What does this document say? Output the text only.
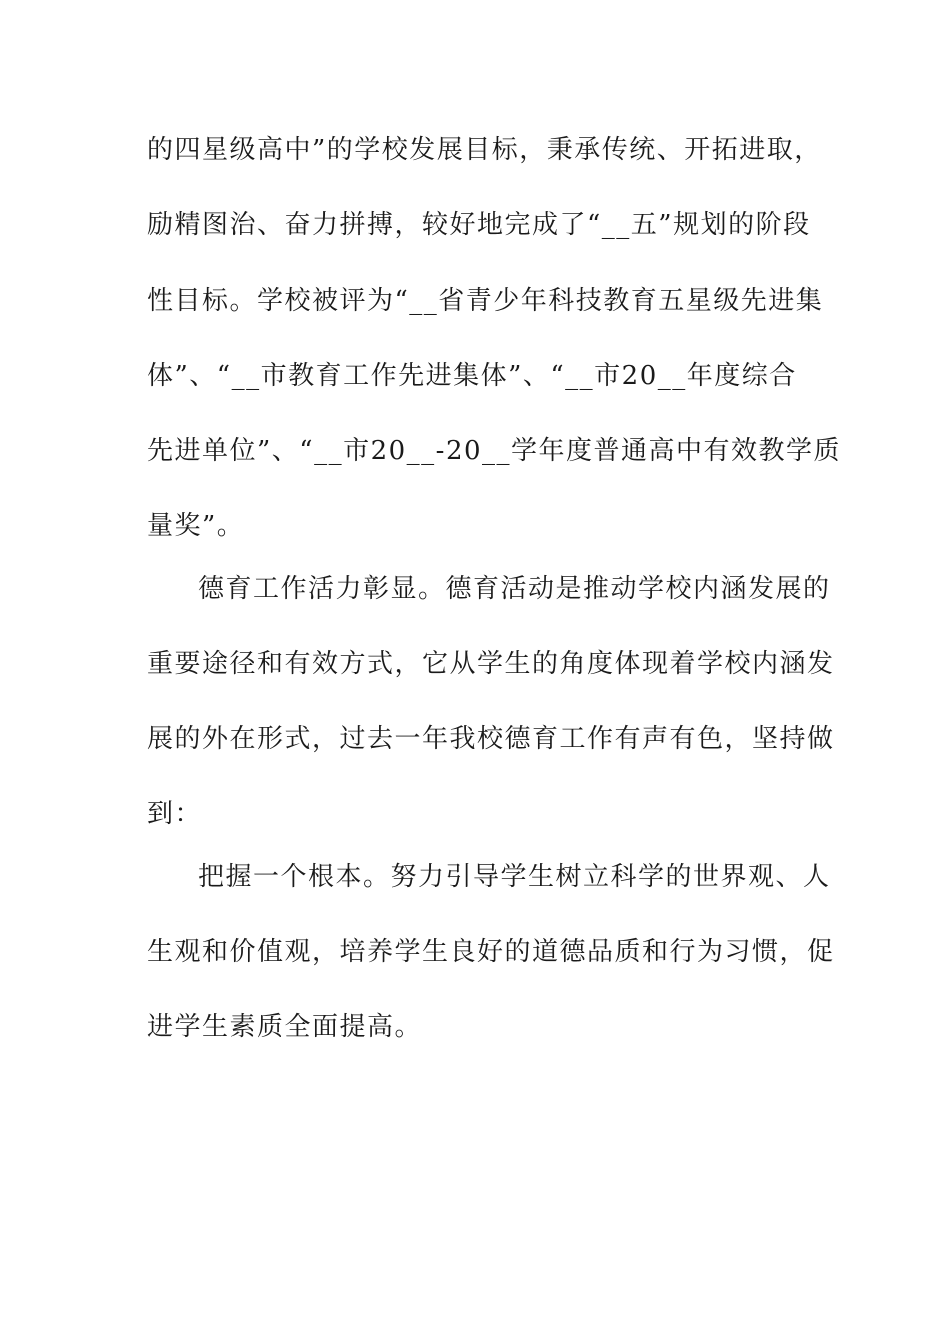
的四星级高中”的学校发展目标，秉承传统、开拓进取，
励精图治、奋力拼搏，较好地完成了“__五”规划的阶段
性目标。学校被评为“__省青少年科技教育五星级先进集
体”、“__市教育工作先进集体”、“__市20__年度综合
先进单位”、“__市20__-20__学年度普通高中有效教学质
量奖”。
德育工作活力彰显。德育活动是推动学校内涵发展的
重要途径和有效方式，它从学生的角度体现着学校内涵发
展的外在形式，过去一年我校德育工作有声有色，坚持做
到：
把握一个根本。努力引导学生树立科学的世界观、人
生观和价值观，培养学生良好的道德品质和行为习惯，促
进学生素质全面提高。
